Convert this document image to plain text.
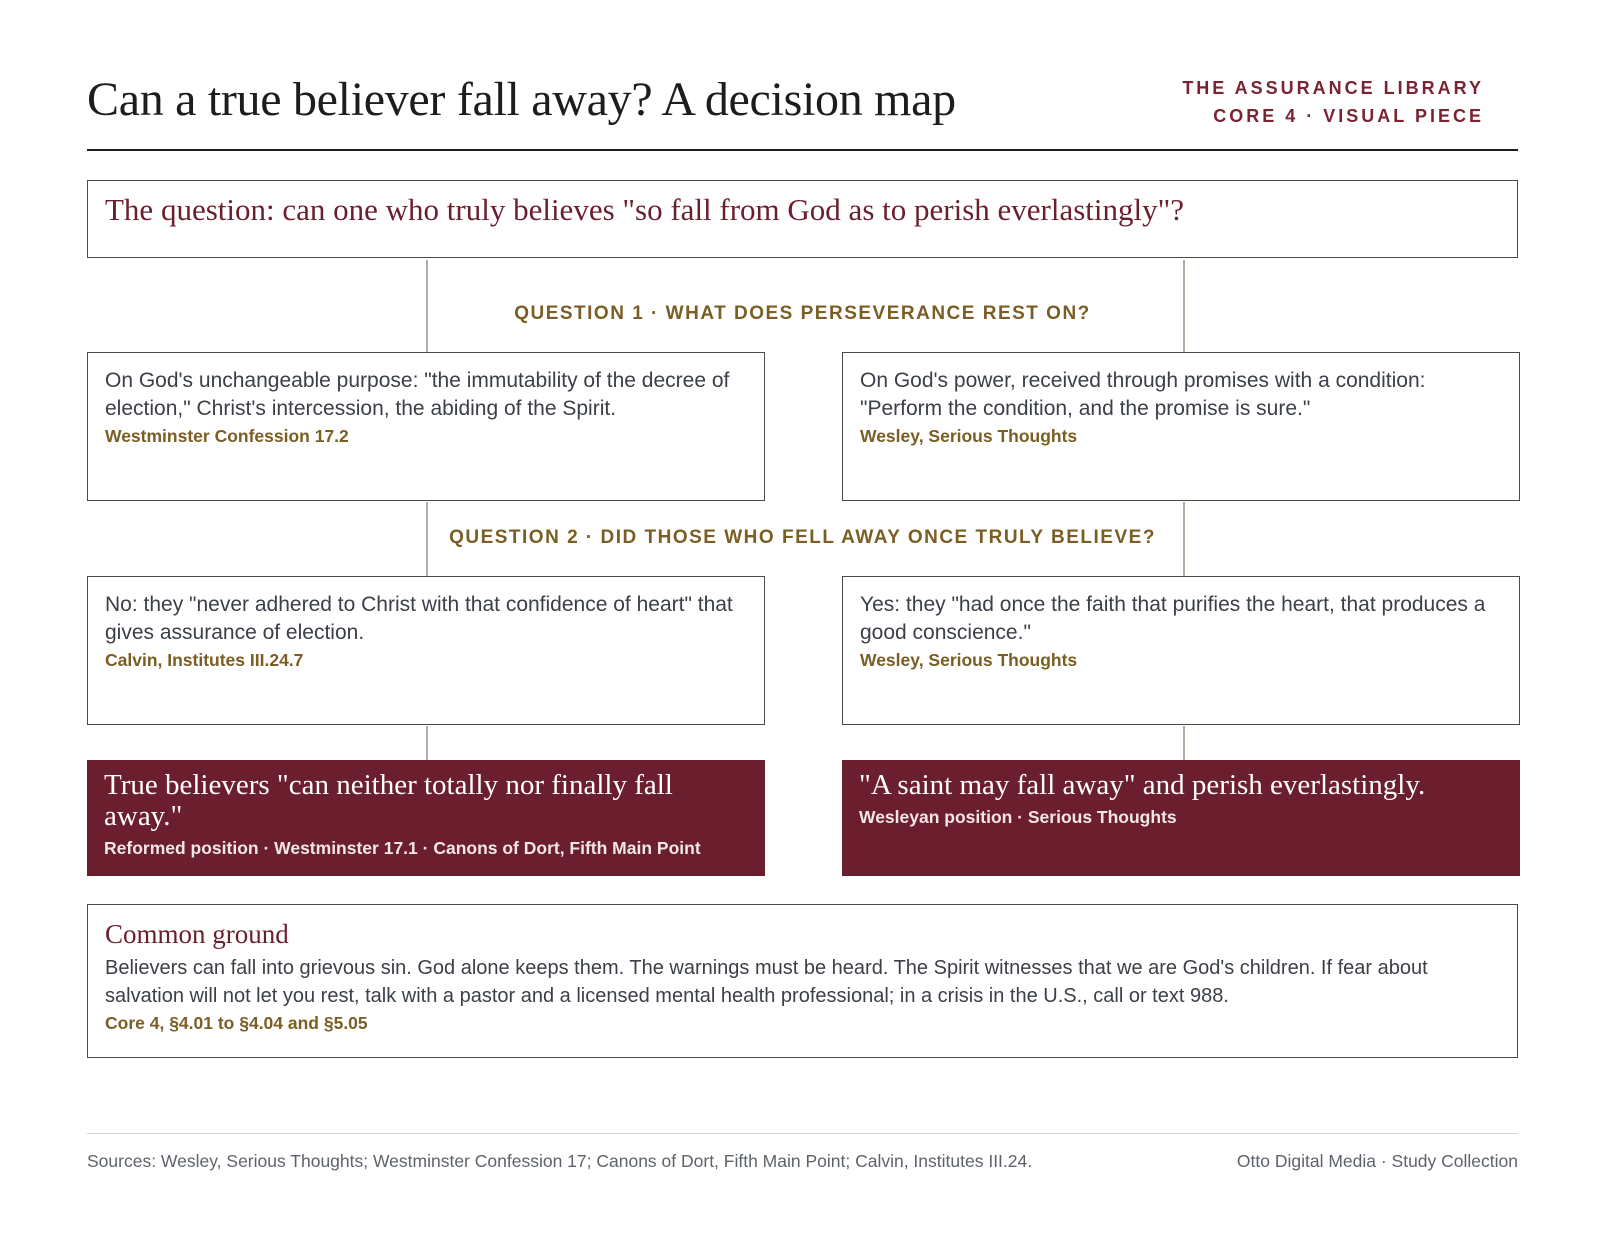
Can a true believer fall away? A decision map	THE ASSURANCE LIBRARY
CORE 4 · VISUAL PIECE
The question: can one who truly believes "so fall from God as to perish everlastingly"?
QUESTION 1 · WHAT DOES PERSEVERANCE REST ON?
On God's unchangeable purpose: "the immutability of the decree of election," Christ's intercession, the abiding of the Spirit.
Westminster Confession 17.2
On God's power, received through promises with a condition: "Perform the condition, and the promise is sure."
Wesley, Serious Thoughts
QUESTION 2 · DID THOSE WHO FELL AWAY ONCE TRULY BELIEVE?
No: they "never adhered to Christ with that confidence of heart" that gives assurance of election.
Calvin, Institutes III.24.7
Yes: they "had once the faith that purifies the heart, that produces a good conscience."
Wesley, Serious Thoughts
True believers "can neither totally nor finally fall away."
Reformed position · Westminster 17.1 · Canons of Dort, Fifth Main Point
"A saint may fall away" and perish everlastingly.
Wesleyan position · Serious Thoughts
Common ground
Believers can fall into grievous sin. God alone keeps them. The warnings must be heard. The Spirit witnesses that we are God's children. If fear about salvation will not let you rest, talk with a pastor and a licensed mental health professional; in a crisis in the U.S., call or text 988.
Core 4, §4.01 to §4.04 and §5.05
Sources: Wesley, Serious Thoughts; Westminster Confession 17; Canons of Dort, Fifth Main Point; Calvin, Institutes III.24.	Otto Digital Media · Study Collection
